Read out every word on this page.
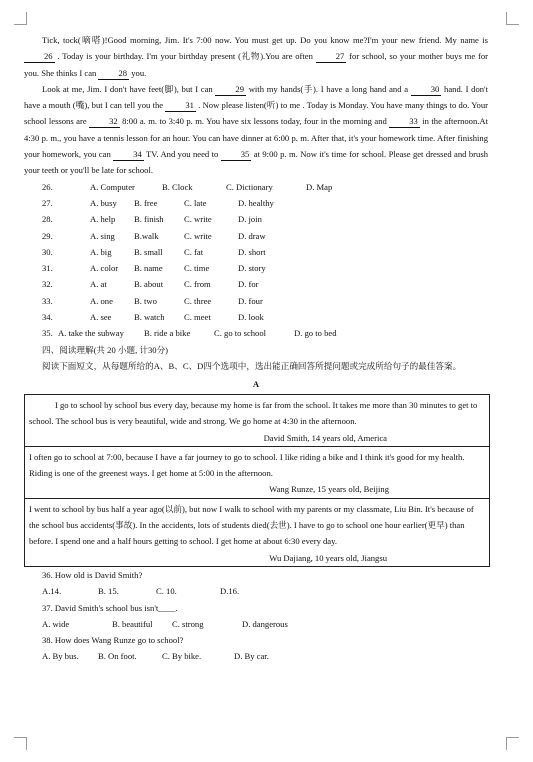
Tick, tock(嘀嗒)!Good morning, Jim. It's 7:00 now. You must get up. Do you know me?I'm your new friend. My name is 26 . Today is your birthday. I'm your birthday present (礼物).You are often 27 for school, so your mother buys me for you. She thinks I can 28 you.

Look at me, Jim. I don't have feet(脚), but I can 29 with my hands(手). I have a long hand and a 30 hand. I don't have a mouth (嘴), but I can tell you the 31 . Now please listen(听) to me . Today is Monday. You have many things to do. Your school lessons are 32 8:00 a. m. to 3:40 p. m. You have six lessons today, four in the morning and 33 in the afternoon.At 4:30 p. m., you have a tennis lesson for an hour. You can have dinner at 6:00 p. m. After that, it's your homework time. After finishing your homework, you can 34 TV. And you need to 35 at 9:00 p. m. Now it's time for school. Please get dressed and brush your teeth or you'll be late for school.

26.	A. Computer	B. Clock	C. Dictionary	D. Map
27.	A. busy	B. free	C. late	D. healthy
28.	A. help	B. finish	C. write	D. join
29.	A. sing	B.walk	C. write	D. draw
30.	A. big	B. small	C. fat	D. short
31.	A. color	B. name	C. time	D. story
32.	A. at	B. about	C. from	D. for
33.	A. one	B. two	C. three	D. four
34.	A. see	B. watch	C. meet	D. look
35. A. take the subway	B. ride a bike	C. go to school	D. go to bed
四、阅读理解(共 20 小题, 计30分)

阅读下面短文，从每题所给的A、B、C、D四个选项中，选出能正确回答所提问题或完成所给句子的最佳答案。

A

I go to school by school bus every day, because my home is far from the school. It takes me more than 30 minutes to get to school. The school bus is very beautiful, wide and strong. We go home at 4:30 in the afternoon.

David Smith, 14 years old, America

I often go to school at 7:00, because I have a far journey to go to school. I like riding a bike and I think it's good for my health. Riding is one of the greenest ways. I get home at 5:00 in the afternoon.

Wang Runze, 15 years old, Beijing

I went to school by bus half a year ago(以前), but now I walk to school with my parents or my classmate, Liu Bin. It's because of the school bus accidents(事故). In the accidents, lots of students died(去世). I have to go to school one hour earlier(更早) than before. I spend one and a half hours getting to school. I get home at about 6:30 every day.

Wu Dajiang, 10 years old, Jiangsu
36. How old is David Smith?
A.14.	B. 15.	C. 10.	D.16.
37. David Smith's school bus isn't____.
A. wide	B. beautiful	C. strong	D. dangerous
38. How does Wang Runze go to school?
A. By bus.	B. On foot.	C. By bike.	D. By car.
